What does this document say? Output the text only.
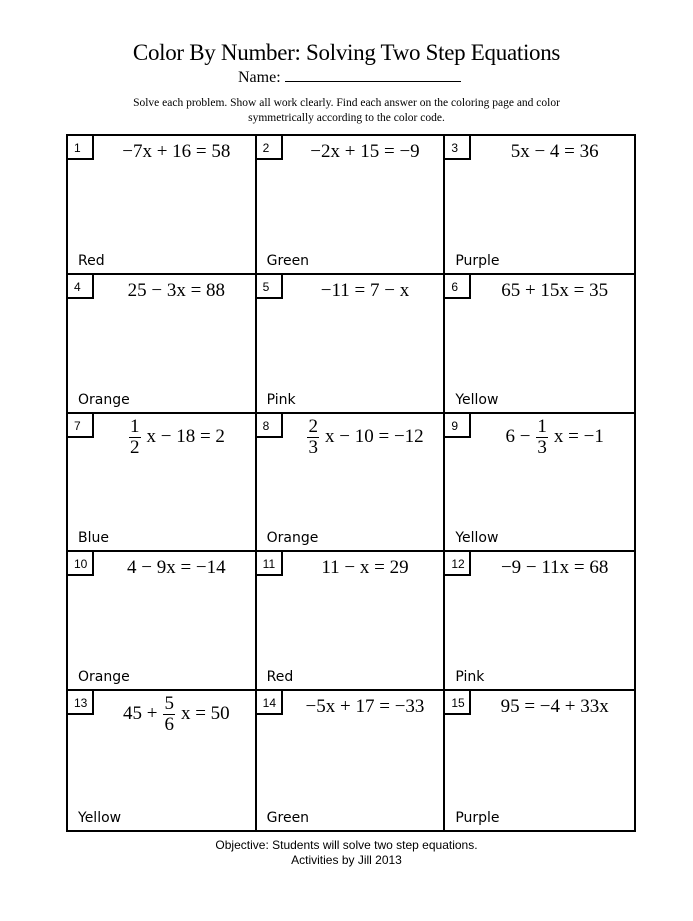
Color By Number: Solving Two Step Equations
Name:
Solve each problem. Show all work clearly. Find each answer on the coloring page and color
symmetrically according to the color code.
1	−7x + 16 = 58
Red
2	−2x + 15 = −9
Green
3	5x − 4 = 36
Purple
4	25 − 3x = 88
Orange
5	−11 = 7 − x
Pink
6	65 + 15x = 35
Yellow
7	$\frac{1}{2}$ x − 18 = 2
Blue
8	$\frac{2}{3}$ x − 10 = −12
Orange
9	$6 - \frac{1}{3}$ x = −1
Yellow
10	4 − 9x = −14
Orange
11	11 − x = 29
Red
12	−9 − 11x = 68
Pink
13	$45 + \frac{5}{6}$ x = 50
Yellow
14	−5x + 17 = −33
Green
15	95 = −4 + 33x
Purple
Objective: Students will solve two step equations.
Activities by Jill 2013
